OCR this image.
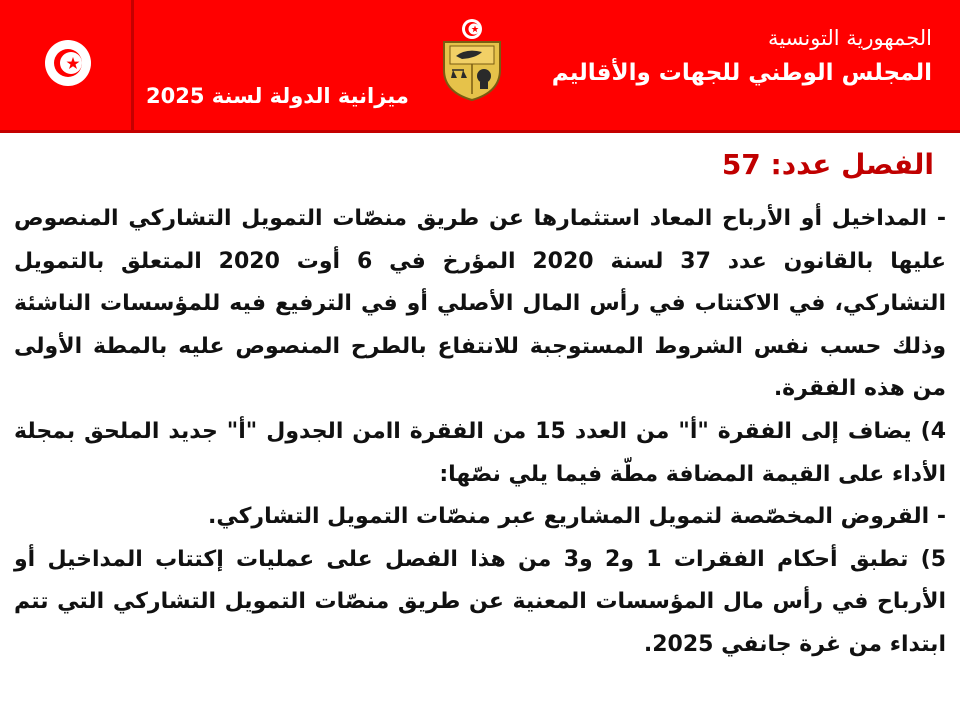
الجمهورية التونسية
المجلس الوطني للجهات والأقاليم
ميزانية الدولة لسنة 2025
الفصل عدد: 57

- المداخيل أو الأرباح المعاد استثمارها عن طريق منصّات التمويل التشاركي المنصوص عليها بالقانون عدد 37 لسنة 2020 المؤرخ في 6 أوت 2020 المتعلق بالتمويل التشاركي، في الاكتتاب في رأس المال الأصلي أو في الترفيع فيه للمؤسسات الناشئة وذلك حسب نفس الشروط المستوجبة للانتفاع بالطرح المنصوص عليه بالمطة الأولى من هذه الفقرة.

4) يضاف إلى الفقرة "أ" من العدد 15 من الفقرة اامن الجدول "أ" جديد الملحق بمجلة الأداء على القيمة المضافة مطّة فيما يلي نصّها:

- القروض المخصّصة لتمويل المشاريع عبر منصّات التمويل التشاركي.

5) تطبق أحكام الفقرات 1 و2 و3 من هذا الفصل على عمليات إكتتاب المداخيل أو الأرباح في رأس مال المؤسسات المعنية عن طريق منصّات التمويل التشاركي التي تتم ابتداء من غرة جانفي 2025.
